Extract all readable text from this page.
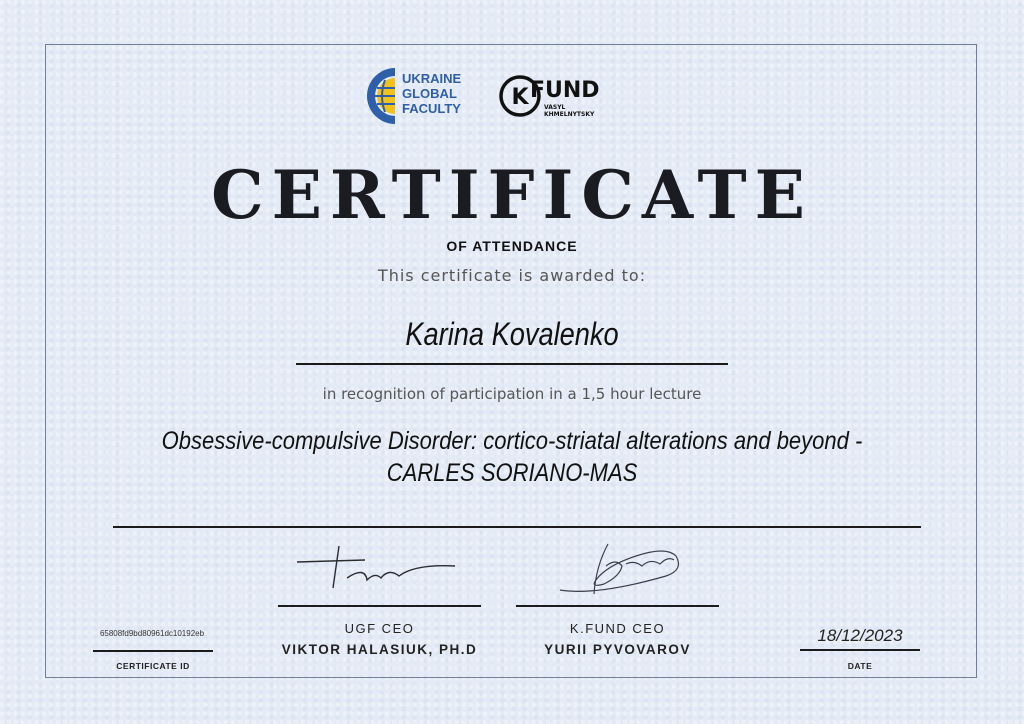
UKRAINE
GLOBAL
FACULTY K FUND
VASYL
KHMELNYTSKY
CERTIFICATE
OF ATTENDANCE
This certificate is awarded to:
Karina Kovalenko
in recognition of participation in a 1,5 hour lecture
Obsessive-compulsive Disorder: cortico-striatal alterations and beyond -
CARLES SORIANO-MAS
UGF CEO
VIKTOR HALASIUK, PH.D
K.FUND CEO
YURII PYVOVAROV
65808fd9bd80961dc10192eb
CERTIFICATE ID
18/12/2023
DATE
